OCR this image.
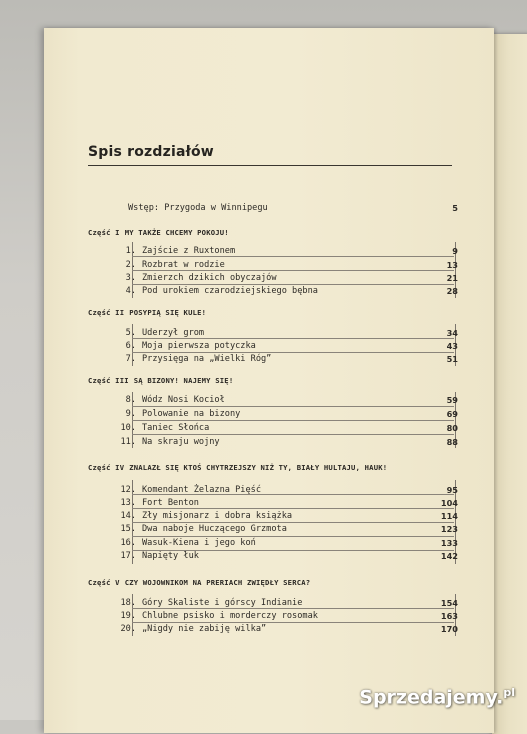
Spis rozdziałów
Wstęp: Przygoda w Winnipegu	5
Część I MY TAKŻE CHCEMY POKOJU!
1. Zajście z Ruxtonem	9
2. Rozbrat w rodzie	13
3. Zmierzch dzikich obyczajów	21
4. Pod urokiem czarodziejskiego bębna	28
Część II POSYPIĄ SIĘ KULE!
5. Uderzył grom	34
6. Moja pierwsza potyczka	43
7. Przysięga na „Wielki Róg”	51
Część III SĄ BIZONY! NAJEMY SIĘ!
8. Wódz Nosi Kocioł	59
9. Polowanie na bizony	69
10. Taniec Słońca	80
11. Na skraju wojny	88
Część IV ZNALAZŁ SIĘ KTOŚ CHYTRZEJSZY NIŻ TY, BIAŁY HULTAJU, HAUK!
12. Komendant Żelazna Pięść	95
13. Fort Benton	104
14. Zły misjonarz i dobra książka	114
15. Dwa naboje Huczącego Grzmota	123
16. Wasuk-Kiena i jego koń	133
17. Napięty łuk	142
Część V CZY WOJOWNIKOM NA PRERIACH ZWIĘDŁY SERCA?
18. Góry Skaliste i górscy Indianie	154
19. Chlubne psisko i morderczy rosomak	163
20. „Nigdy nie zabiję wilka”	170
Sprzedajemy.$^{pl}$
